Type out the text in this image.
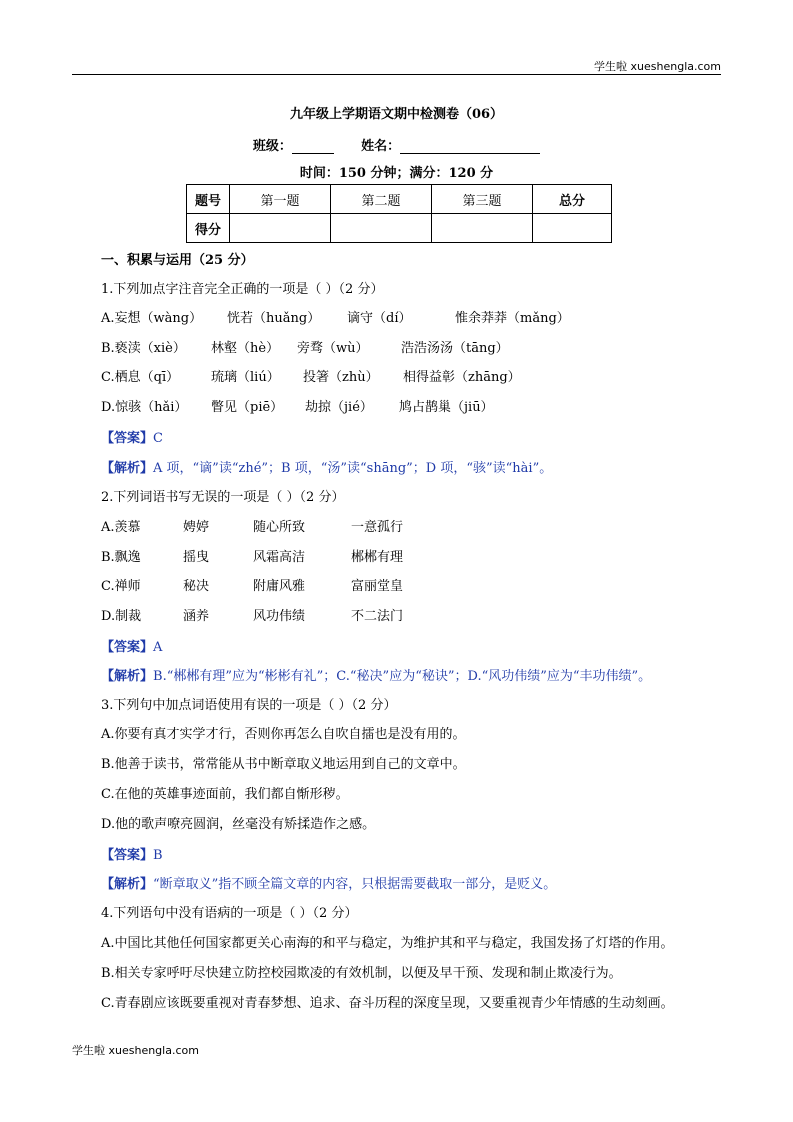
学生啦 xueshengla.com
九年级上学期语文期中检测卷（06）
班级：	姓名：
时间：150 分钟；满分：120 分
题号	第一题	第二题	第三题	总分
得分				
一、积累与运用（25 分）
1.下列加点字注音完全正确的一项是（ ）（2 分）
A.妄想（wàng） 恍若（huǎng） 谪守（dí）	惟余莽莽（mǎng）
B.亵渎（xiè） 林壑（hè） 旁骛（wù） 浩浩汤汤（tāng）
C.栖息（qī） 琉璃（liú） 投箸（zhù） 相得益彰（zhāng）
D.惊骇（hǎi） 瞥见（piē） 劫掠（jié） 鸠占鹊巢（jiū）
【答案】C
【解析】A 项，“谪”读“zhé”；B 项，“汤”读“shāng”；D 项，“骇”读“hài”。
2.下列词语书写无误的一项是（ ）（2 分）
A.羡慕	娉婷	随心所致	一意孤行
B.飘逸	摇曳	风霜高洁	郴郴有理
C.禅师	秘决	附庸风雅	富丽堂皇
D.制裁	涵养	风功伟绩	不二法门
【答案】A
【解析】B.“郴郴有理”应为“彬彬有礼”；C.“秘决”应为“秘诀”；D.“风功伟绩”应为“丰功伟绩”。
3.下列句中加点词语使用有误的一项是（ ）（2 分）
A.你要有真才实学才行，否则你再怎么自吹自擂也是没有用的。
B.他善于读书，常常能从书中断章取义地运用到自己的文章中。
C.在他的英雄事迹面前，我们都自惭形秽。
D.他的歌声嘹亮圆润，丝毫没有矫揉造作之感。
【答案】B
【解析】“断章取义”指不顾全篇文章的内容，只根据需要截取一部分，是贬义。
4.下列语句中没有语病的一项是（ ）（2 分）
A.中国比其他任何国家都更关心南海的和平与稳定，为维护其和平与稳定，我国发扬了灯塔的作用。
B.相关专家呼吁尽快建立防控校园欺凌的有效机制，以便及早干预、发现和制止欺凌行为。
C.青春剧应该既要重视对青春梦想、追求、奋斗历程的深度呈现，又要重视青少年情感的生动刻画。
学生啦 xueshengla.com
